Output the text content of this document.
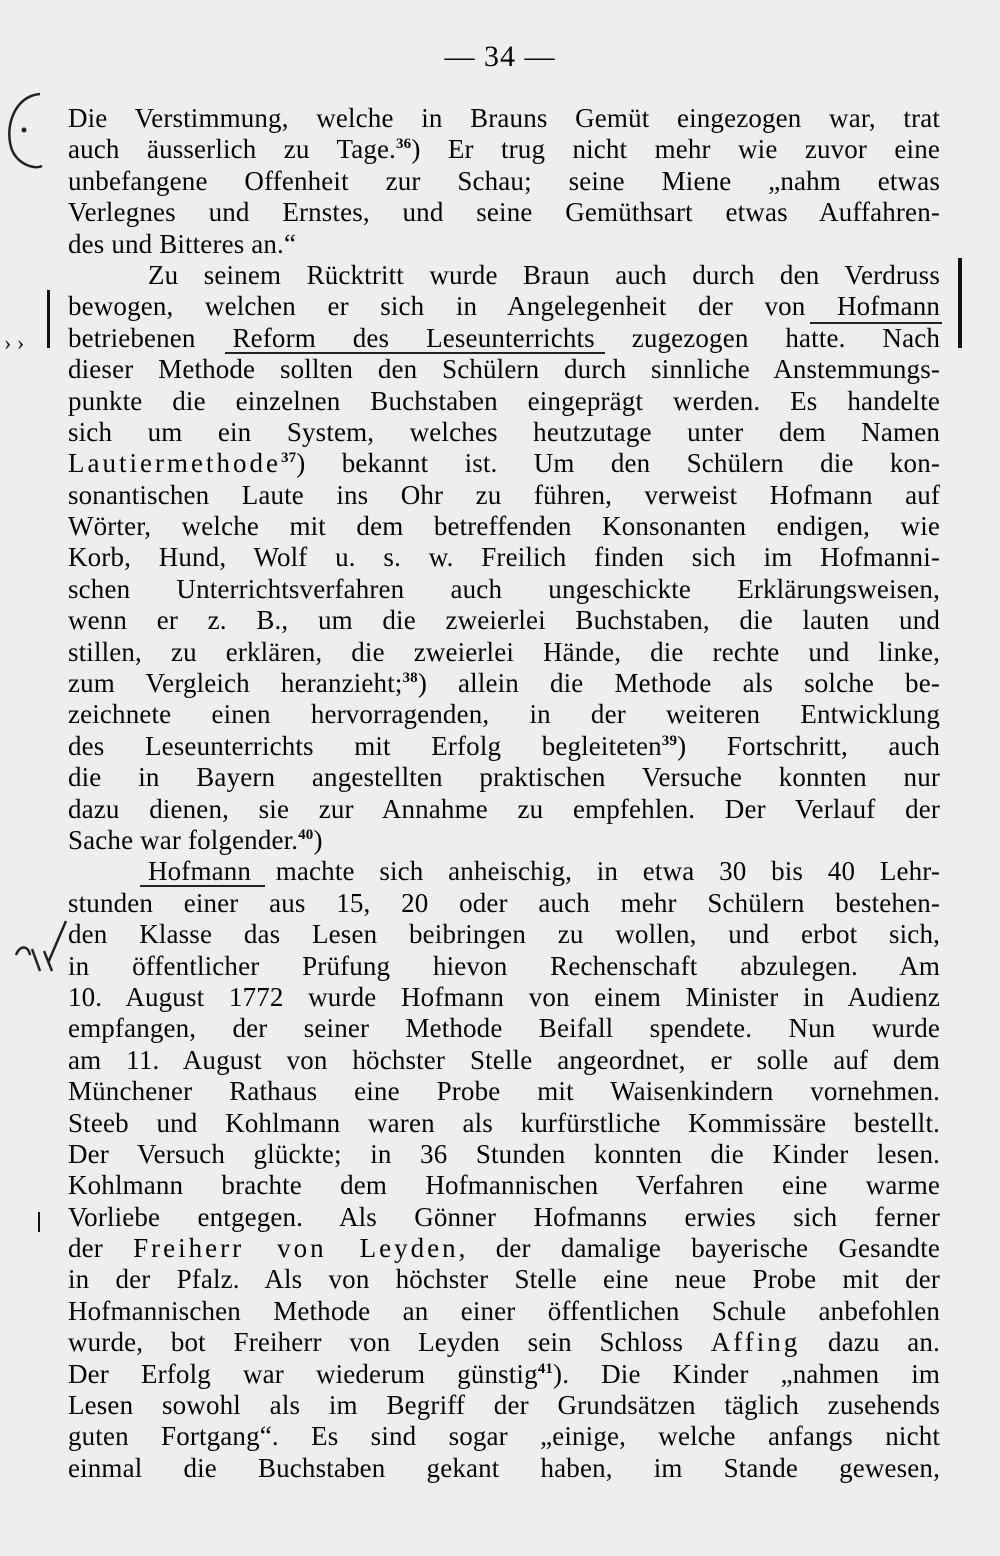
— 34 —
Die Verstimmung, welche in Brauns Gemüt eingezogen war, trat
auch äusserlich zu Tage.$^{36}$) Er trug nicht mehr wie zuvor eine
unbefangene Offenheit zur Schau; seine Miene „nahm etwas
Verlegnes und Ernstes, und seine Gemüthsart etwas Auffahren-
des und Bitteres an.“
Zu seinem Rücktritt wurde Braun auch durch den Verdruss
bewogen, welchen er sich in Angelegenheit der von Hofmann
betriebenen Reform des Leseunterrichts zugezogen hatte. Nach
dieser Methode sollten den Schülern durch sinnliche Anstemmungs-
punkte die einzelnen Buchstaben eingeprägt werden. Es handelte
sich um ein System, welches heutzutage unter dem Namen
Lautiermethode$^{37}$) bekannt ist. Um den Schülern die kon-
sonantischen Laute ins Ohr zu führen, verweist Hofmann auf
Wörter, welche mit dem betreffenden Konsonanten endigen, wie
Korb, Hund, Wolf u. s. w. Freilich finden sich im Hofmanni-
schen Unterrichtsverfahren auch ungeschickte Erklärungsweisen,
wenn er z. B., um die zweierlei Buchstaben, die lauten und
stillen, zu erklären, die zweierlei Hände, die rechte und linke,
zum Vergleich heranzieht;$^{38}$) allein die Methode als solche be-
zeichnete einen hervorragenden, in der weiteren Entwicklung
des Leseunterrichts mit Erfolg begleiteten$^{39}$) Fortschritt, auch
die in Bayern angestellten praktischen Versuche konnten nur
dazu dienen, sie zur Annahme zu empfehlen. Der Verlauf der
Sache war folgender.$^{40}$)
Hofmann machte sich anheischig, in etwa 30 bis 40 Lehr-
stunden einer aus 15, 20 oder auch mehr Schülern bestehen-
den Klasse das Lesen beibringen zu wollen, und erbot sich,
in öffentlicher Prüfung hievon Rechenschaft abzulegen. Am
10. August 1772 wurde Hofmann von einem Minister in Audienz
empfangen, der seiner Methode Beifall spendete. Nun wurde
am 11. August von höchster Stelle angeordnet, er solle auf dem
Münchener Rathaus eine Probe mit Waisenkindern vornehmen.
Steeb und Kohlmann waren als kurfürstliche Kommissäre bestellt.
Der Versuch glückte; in 36 Stunden konnten die Kinder lesen.
Kohlmann brachte dem Hofmannischen Verfahren eine warme
Vorliebe entgegen. Als Gönner Hofmanns erwies sich ferner
der Freiherr von Leyden, der damalige bayerische Gesandte
in der Pfalz. Als von höchster Stelle eine neue Probe mit der
Hofmannischen Methode an einer öffentlichen Schule anbefohlen
wurde, bot Freiherr von Leyden sein Schloss Affing dazu an.
Der Erfolg war wiederum günstig$^{41}$). Die Kinder „nahmen im
Lesen sowohl als im Begriff der Grundsätzen täglich zusehends
guten Fortgang“. Es sind sogar „einige, welche anfangs nicht
einmal die Buchstaben gekant haben, im Stande gewesen,
› ›
